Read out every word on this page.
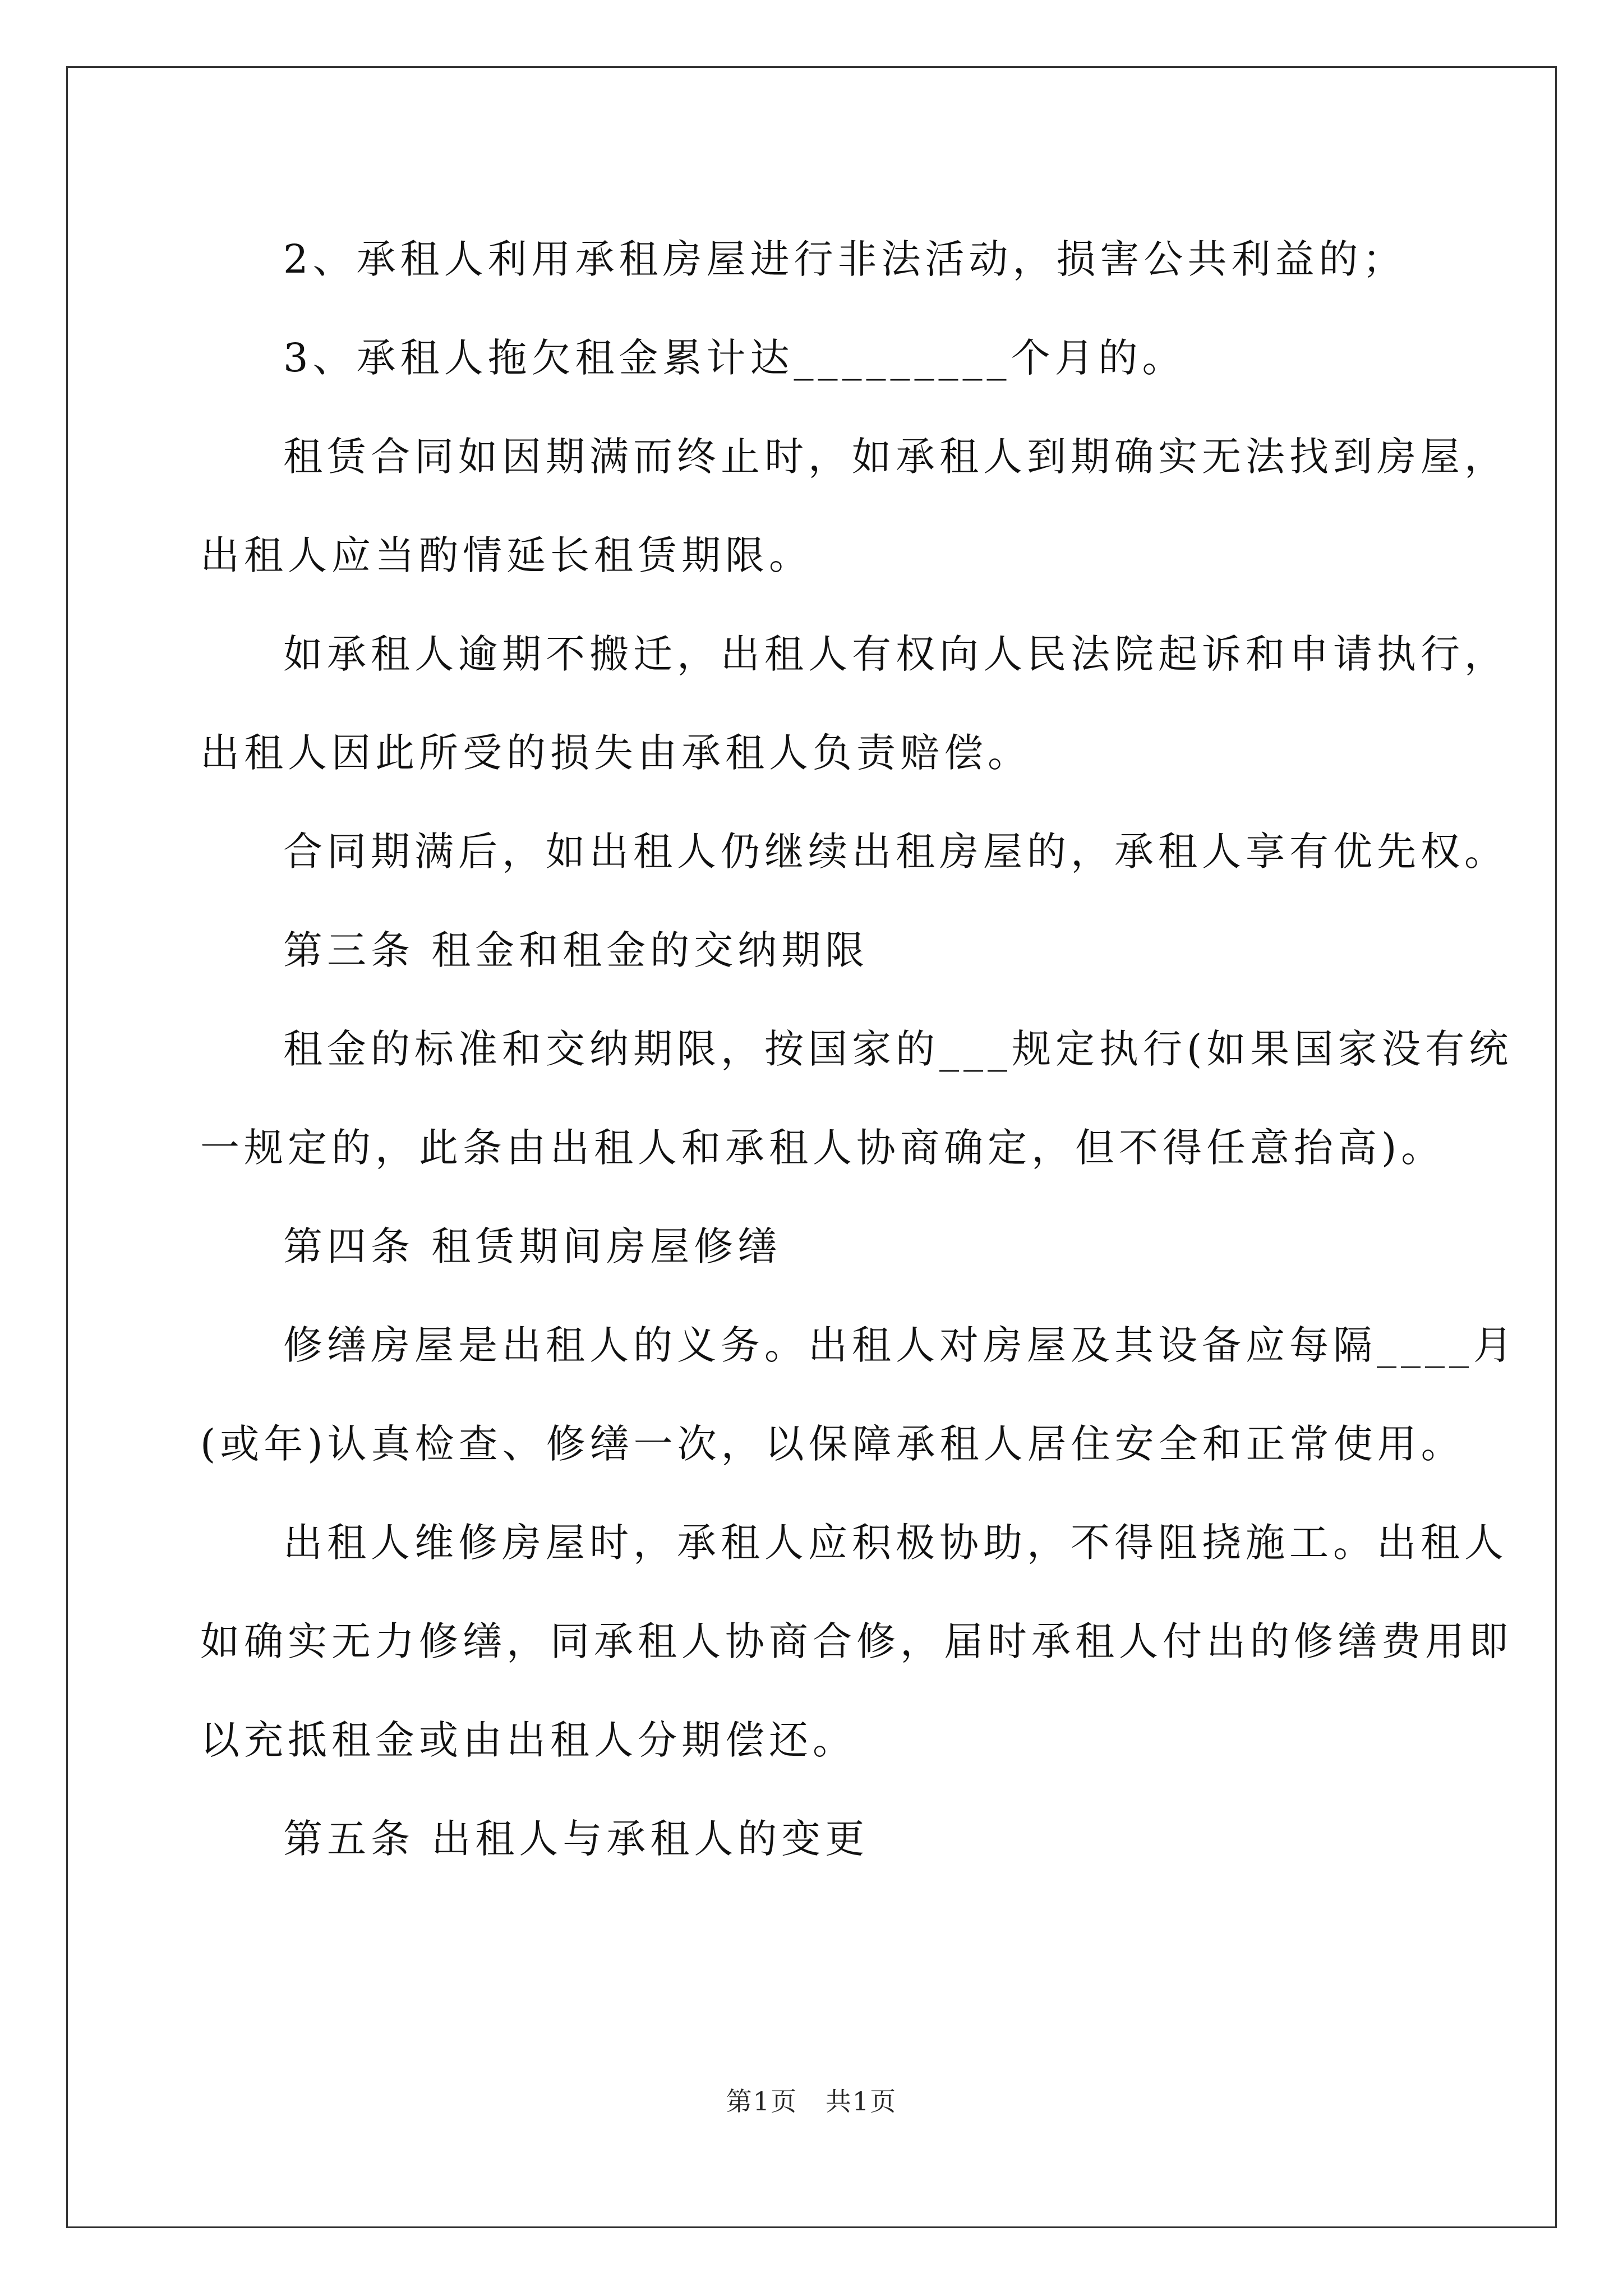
2、承租人利用承租房屋进行非法活动，损害公共利益的；

3、承租人拖欠租金累计达_________个月的。

租赁合同如因期满而终止时，如承租人到期确实无法找到房屋，

出租人应当酌情延长租赁期限。

如承租人逾期不搬迁，出租人有权向人民法院起诉和申请执行，

出租人因此所受的损失由承租人负责赔偿。

合同期满后，如出租人仍继续出租房屋的，承租人享有优先权。

第三条 租金和租金的交纳期限

租金的标准和交纳期限，按国家的___规定执行(如果国家没有统

一规定的，此条由出租人和承租人协商确定，但不得任意抬高)。

第四条 租赁期间房屋修缮

修缮房屋是出租人的义务。出租人对房屋及其设备应每隔____月

(或年)认真检查、修缮一次，以保障承租人居住安全和正常使用。

出租人维修房屋时，承租人应积极协助，不得阻挠施工。出租人

如确实无力修缮，同承租人协商合修，届时承租人付出的修缮费用即

以充抵租金或由出租人分期偿还。

第五条 出租人与承租人的变更

第1页   共1页
